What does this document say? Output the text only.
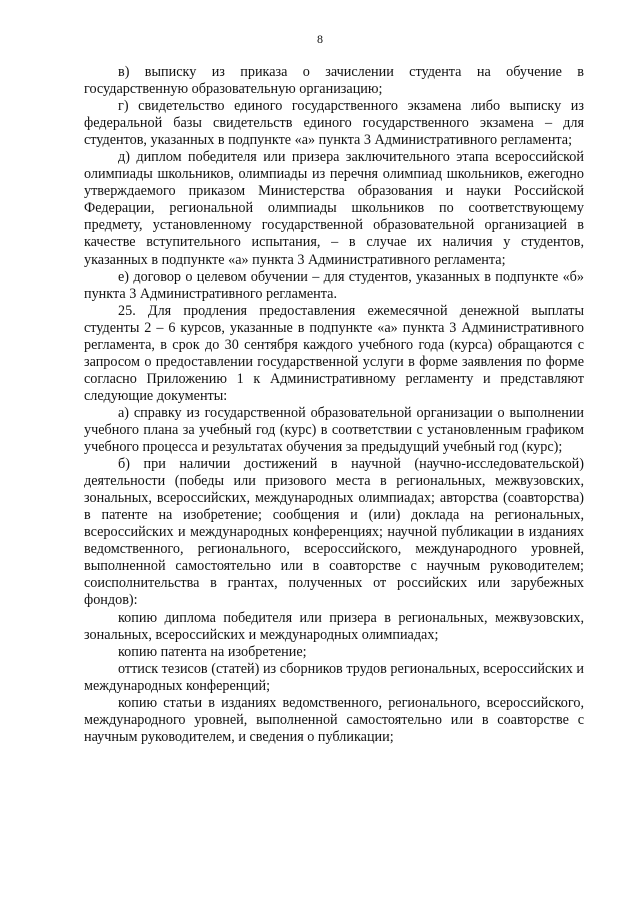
8

в) выписку из приказа о зачислении студента на обучение в государственную образовательную организацию;

г) свидетельство единого государственного экзамена либо выписку из федеральной базы свидетельств единого государственного экзамена – для студентов, указанных в подпункте «а» пункта 3 Административного регламента;

д) диплом победителя или призера заключительного этапа всероссийской олимпиады школьников, олимпиады из перечня олимпиад школьников, ежегодно утверждаемого приказом Министерства образования и науки Российской Федерации, региональной олимпиады школьников по соответствующему предмету, установленному государственной образовательной организацией в качестве вступительного испытания, – в случае их наличия у студентов, указанных в подпункте «а» пункта 3 Административного регламента;

е) договор о целевом обучении – для студентов, указанных в подпункте «б» пункта 3 Административного регламента.

25. Для продления предоставления ежемесячной денежной выплаты студенты 2 – 6 курсов, указанные в подпункте «а» пункта 3 Административного регламента, в срок до 30 сентября каждого учебного года (курса) обращаются с запросом о предоставлении государственной услуги в форме заявления по форме согласно Приложению 1 к Административному регламенту и представляют следующие документы:

а) справку из государственной образовательной организации о выполнении учебного плана за учебный год (курс) в соответствии с установленным графиком учебного процесса и результатах обучения за предыдущий учебный год (курс);

б) при наличии достижений в научной (научно-исследовательской) деятельности (победы или призового места в региональных, межвузовских, зональных, всероссийских, международных олимпиадах; авторства (соавторства) в патенте на изобретение; сообщения и (или) доклада на региональных, всероссийских и международных конференциях; научной публикации в изданиях ведомственного, регионального, всероссийского, международного уровней, выполненной самостоятельно или в соавторстве с научным руководителем; соисполнительства в грантах, полученных от российских или зарубежных фондов):

копию диплома победителя или призера в региональных, межвузовских, зональных, всероссийских и международных олимпиадах;

копию патента на изобретение;

оттиск тезисов (статей) из сборников трудов региональных, всероссийских и международных конференций;

копию статьи в изданиях ведомственного, регионального, всероссийского, международного уровней, выполненной самостоятельно или в соавторстве с научным руководителем, и сведения о публикации;
